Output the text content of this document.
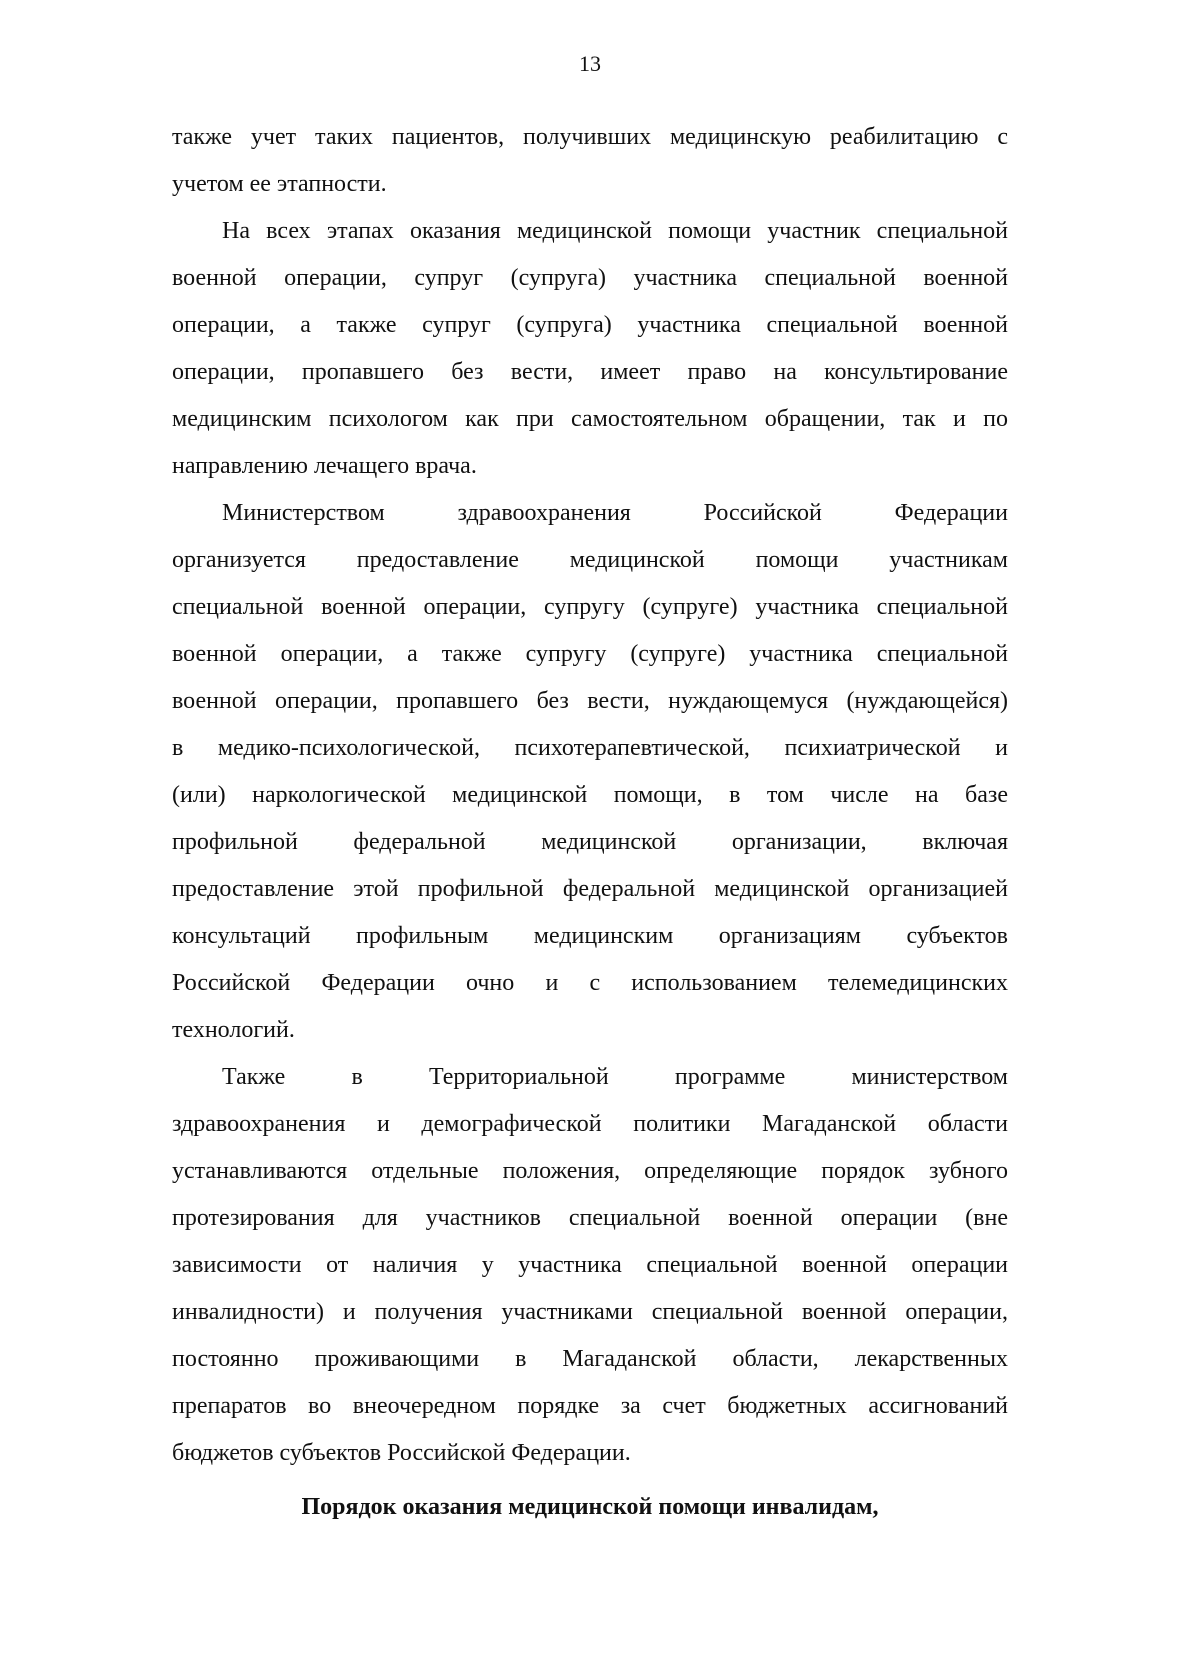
13
также учет таких пациентов, получивших медицинскую реабилитацию с
учетом ее этапности.
На всех этапах оказания медицинской помощи участник специальной
военной операции, супруг (супруга) участника специальной военной
операции, а также супруг (супруга) участника специальной военной
операции, пропавшего без вести, имеет право на консультирование
медицинским психологом как при самостоятельном обращении, так и по
направлению лечащего врача.
Министерством здравоохранения Российской Федерации
организуется предоставление медицинской помощи участникам
специальной военной операции, супругу (супруге) участника специальной
военной операции, а также супругу (супруге) участника специальной
военной операции, пропавшего без вести, нуждающемуся (нуждающейся)
в медико-психологической, психотерапевтической, психиатрической и
(или) наркологической медицинской помощи, в том числе на базе
профильной федеральной медицинской организации, включая
предоставление этой профильной федеральной медицинской организацией
консультаций профильным медицинским организациям субъектов
Российской Федерации очно и с использованием телемедицинских
технологий.
Также в Территориальной программе министерством
здравоохранения и демографической политики Магаданской области
устанавливаются отдельные положения, определяющие порядок зубного
протезирования для участников специальной военной операции (вне
зависимости от наличия у участника специальной военной операции
инвалидности) и получения участниками специальной военной операции,
постоянно проживающими в Магаданской области, лекарственных
препаратов во внеочередном порядке за счет бюджетных ассигнований
бюджетов субъектов Российской Федерации.
Порядок оказания медицинской помощи инвалидам,
